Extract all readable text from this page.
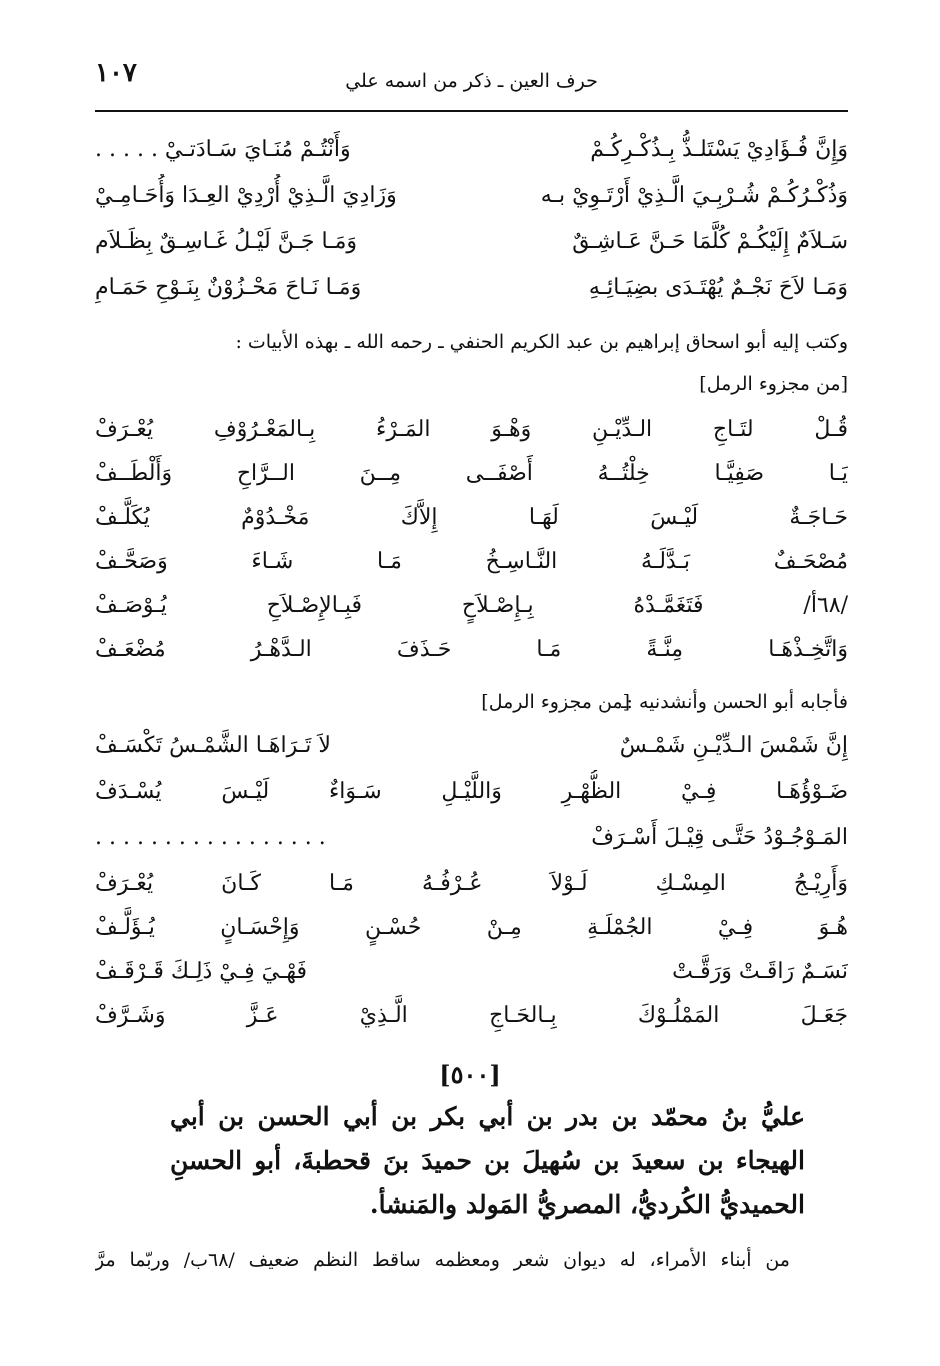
١٠٧	حرف العين ـ ذكر من اسمه علي
وَإِنَّ فُـؤَادِيْ يَسْتَلـذُّ بِـذُكْـرِكُـمْ
وَأَنْتُـمْ مُنَـايَ سَـادَتـيْ . . . . .
وَذُكْـرُكُـمْ شُـرْبِـيَ الَّـذِيْ أَرْتَـوِيْ بـه
وَزَادِيَ الَّـذِيْ أُرْدِيْ العِـدَا وَأُحَـامِـيْ
سَـلاَمٌ إِلَيْكُـمْ كُلَّمَا حَـنَّ عَـاشِـقٌ
وَمَـا جَـنَّ لَيْـلُ غَـاسِـقٌ بِظَـلاَم
وَمَـا لاَحَ نَجْـمٌ يُهْتَـدَى بضِيَـائِـهِ
وَمَـا نَـاحَ مَحْـزُوْنٌ بِنَـوْحِ حَمَـامِ
وكتب إليه أبو اسحاق إبراهيم بن عبد الكريم الحنفي ـ رحمه الله ـ بهذه الأبيات :
[من مجزوء الرمل]
قُـلْ لتَـاجِ الـدِّيْـنِ وَهْـوَ المَـرْءُ بِـالمَعْـرُوْفِ يُعْـرَفْ
يَـا صَفِيَّـا خِلْتُــهُ أَصْفَــى مِــنَ الــرَّاحِ وَأَلْطَــفْ
حَـاجَـةٌ لَيْـسَ لَهَـا إِلاَّكَ مَخْـدُوْمٌ يُكَلَّـفْ
مُصْحَـفٌ بَـدَّلَـهُ النَّـاسِـخُ مَـا شَـاءَ وَصَحَّـفْ
/٦٨أ/ فَتَغَمَّـدْهُ بِـإِصْـلاَحٍ فَبِـالإِصْـلاَحِ يُـوْصَـفْ
وَاتَّخِـذْهَـا مِنَّـةً مَـا حَـذَفَ الـدَّهْـرُ مُضْعَـفْ
فأجابه أبو الحسن وأنشدنيه :ـ
[من مجزوء الرمل]
إِنَّ شَمْسَ الـدِّيْـنِ شَمْـسٌ
لاَ تَـرَاهَـا الشَّمْـسُ تَكْسَـفْ
ضَـوْؤُهَـا فِـيْ الظُّهْـرِ وَاللَّيْـلِ سَـوَاءٌ لَيْـسَ يُسْـدَفْ
المَـوْجُـوْدُ حَتَّـى قِيْـلَ أَسْـرَفْ
. . . . . . . . . . . . . . . . .
وَأَرِيْـجُ المِسْـكِ لَـوْلاَ عُـرْفُـهُ مَـا كَـانَ يُعْـرَفْ
هُـوَ فِـيْ الجُمْلَـةِ مِـنْ حُسْـنٍ وَإِحْسَـانٍ يُـؤَلَّـفْ
نَسَـمٌ رَاقَـتْ وَرَقَّـتْ
فَهْـيَ فِـيْ ذَلِـكَ قَـرْقَـفْ
جَعَـلَ المَمْلُـوْكَ بِـالحَـاجِ الَّـذِيْ عَـزَّ وَشَـرَّفْ
[٥٠٠]
عليُّ بنُ محمّد بن بدر بن أبي بكر بن أبي الحسن بن أبي
الهيجاء بن سعيدَ بن سُهيلَ بن حميدَ بنَ قحطبةَ، أبو الحسنِ
الحميديُّ الكُرديُّ، المصريُّ المَولد والمَنشأ.
من أبناء الأمراء، له ديوان شعر ومعظمه ساقط النظم ضعيف /٦٨ب/ وربّما مرَّ
